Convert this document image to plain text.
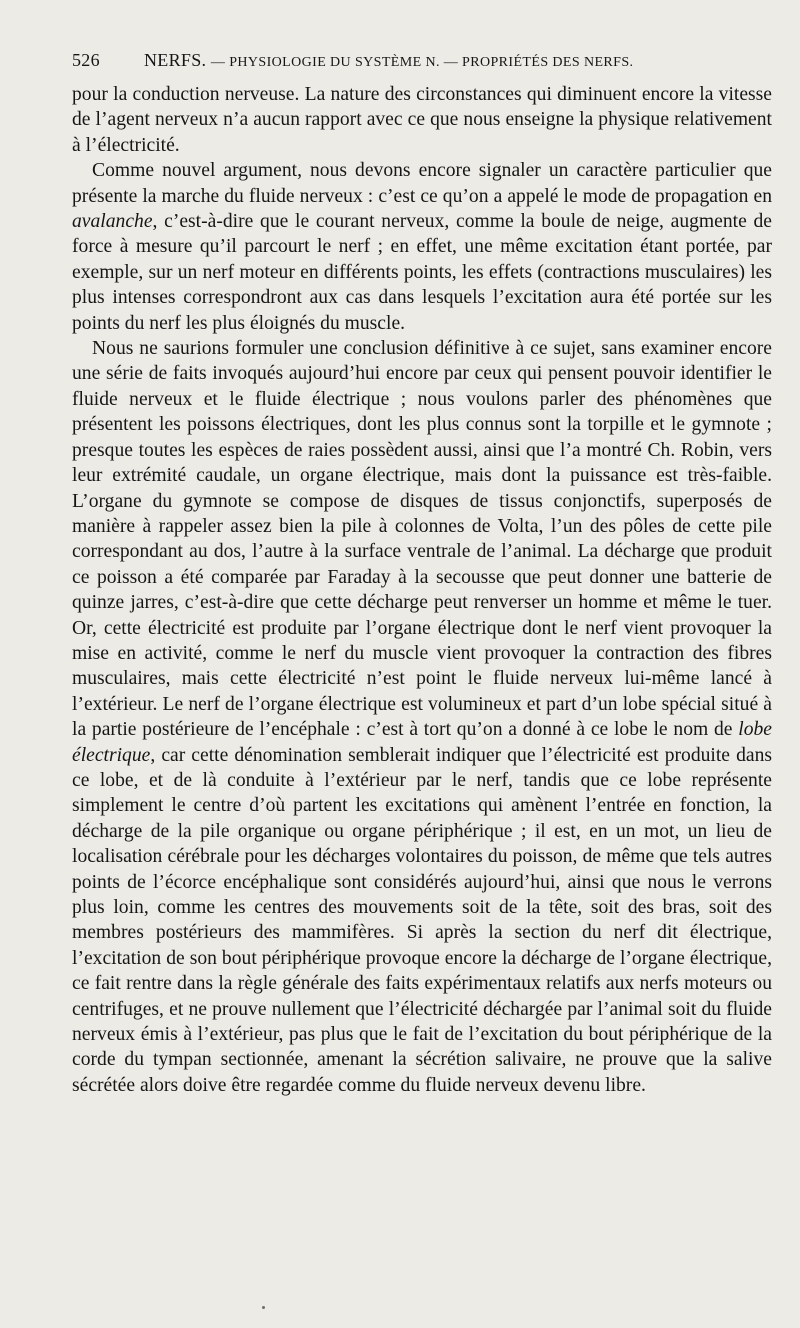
526 NERFS. — PHYSIOLOGIE DU SYSTÈME N. — PROPRIÉTÉS DES NERFS.

pour la conduction nerveuse. La nature des circonstances qui diminuent encore la vitesse de l’agent nerveux n’a aucun rapport avec ce que nous enseigne la physique relativement à l’électricité.

Comme nouvel argument, nous devons encore signaler un caractère particulier que présente la marche du fluide nerveux : c’est ce qu’on a appelé le mode de propagation en avalanche, c’est-à-dire que le courant nerveux, comme la boule de neige, augmente de force à mesure qu’il parcourt le nerf ; en effet, une même excitation étant portée, par exemple, sur un nerf moteur en différents points, les effets (contractions musculaires) les plus intenses correspondront aux cas dans lesquels l’excitation aura été portée sur les points du nerf les plus éloignés du muscle.

Nous ne saurions formuler une conclusion définitive à ce sujet, sans examiner encore une série de faits invoqués aujourd’hui encore par ceux qui pensent pouvoir identifier le fluide nerveux et le fluide électrique ; nous voulons parler des phénomènes que présentent les poissons électriques, dont les plus connus sont la torpille et le gymnote ; presque toutes les espèces de raies possèdent aussi, ainsi que l’a montré Ch. Robin, vers leur extrémité caudale, un organe électrique, mais dont la puissance est très-faible. L’organe du gymnote se compose de disques de tissus conjonctifs, superposés de manière à rappeler assez bien la pile à colonnes de Volta, l’un des pôles de cette pile correspondant au dos, l’autre à la surface ventrale de l’animal. La décharge que produit ce poisson a été comparée par Faraday à la secousse que peut donner une batterie de quinze jarres, c’est-à-dire que cette décharge peut renverser un homme et même le tuer. Or, cette électricité est produite par l’organe électrique dont le nerf vient provoquer la mise en activité, comme le nerf du muscle vient provoquer la contraction des fibres musculaires, mais cette électricité n’est point le fluide nerveux lui-même lancé à l’extérieur. Le nerf de l’organe électrique est volumineux et part d’un lobe spécial situé à la partie postérieure de l’encéphale : c’est à tort qu’on a donné à ce lobe le nom de lobe électrique, car cette dénomination semblerait indiquer que l’électricité est produite dans ce lobe, et de là conduite à l’extérieur par le nerf, tandis que ce lobe représente simplement le centre d’où partent les excitations qui amènent l’entrée en fonction, la décharge de la pile organique ou organe périphérique ; il est, en un mot, un lieu de localisation cérébrale pour les décharges volontaires du poisson, de même que tels autres points de l’écorce encéphalique sont considérés aujourd’hui, ainsi que nous le verrons plus loin, comme les centres des mouvements soit de la tête, soit des bras, soit des membres postérieurs des mammifères. Si après la section du nerf dit électrique, l’excitation de son bout périphérique provoque encore la décharge de l’organe électrique, ce fait rentre dans la règle générale des faits expérimentaux relatifs aux nerfs moteurs ou centrifuges, et ne prouve nullement que l’électricité déchargée par l’animal soit du fluide nerveux émis à l’extérieur, pas plus que le fait de l’excitation du bout périphérique de la corde du tympan sectionnée, amenant la sécrétion salivaire, ne prouve que la salive sécrétée alors doive être regardée comme du fluide nerveux devenu libre.
